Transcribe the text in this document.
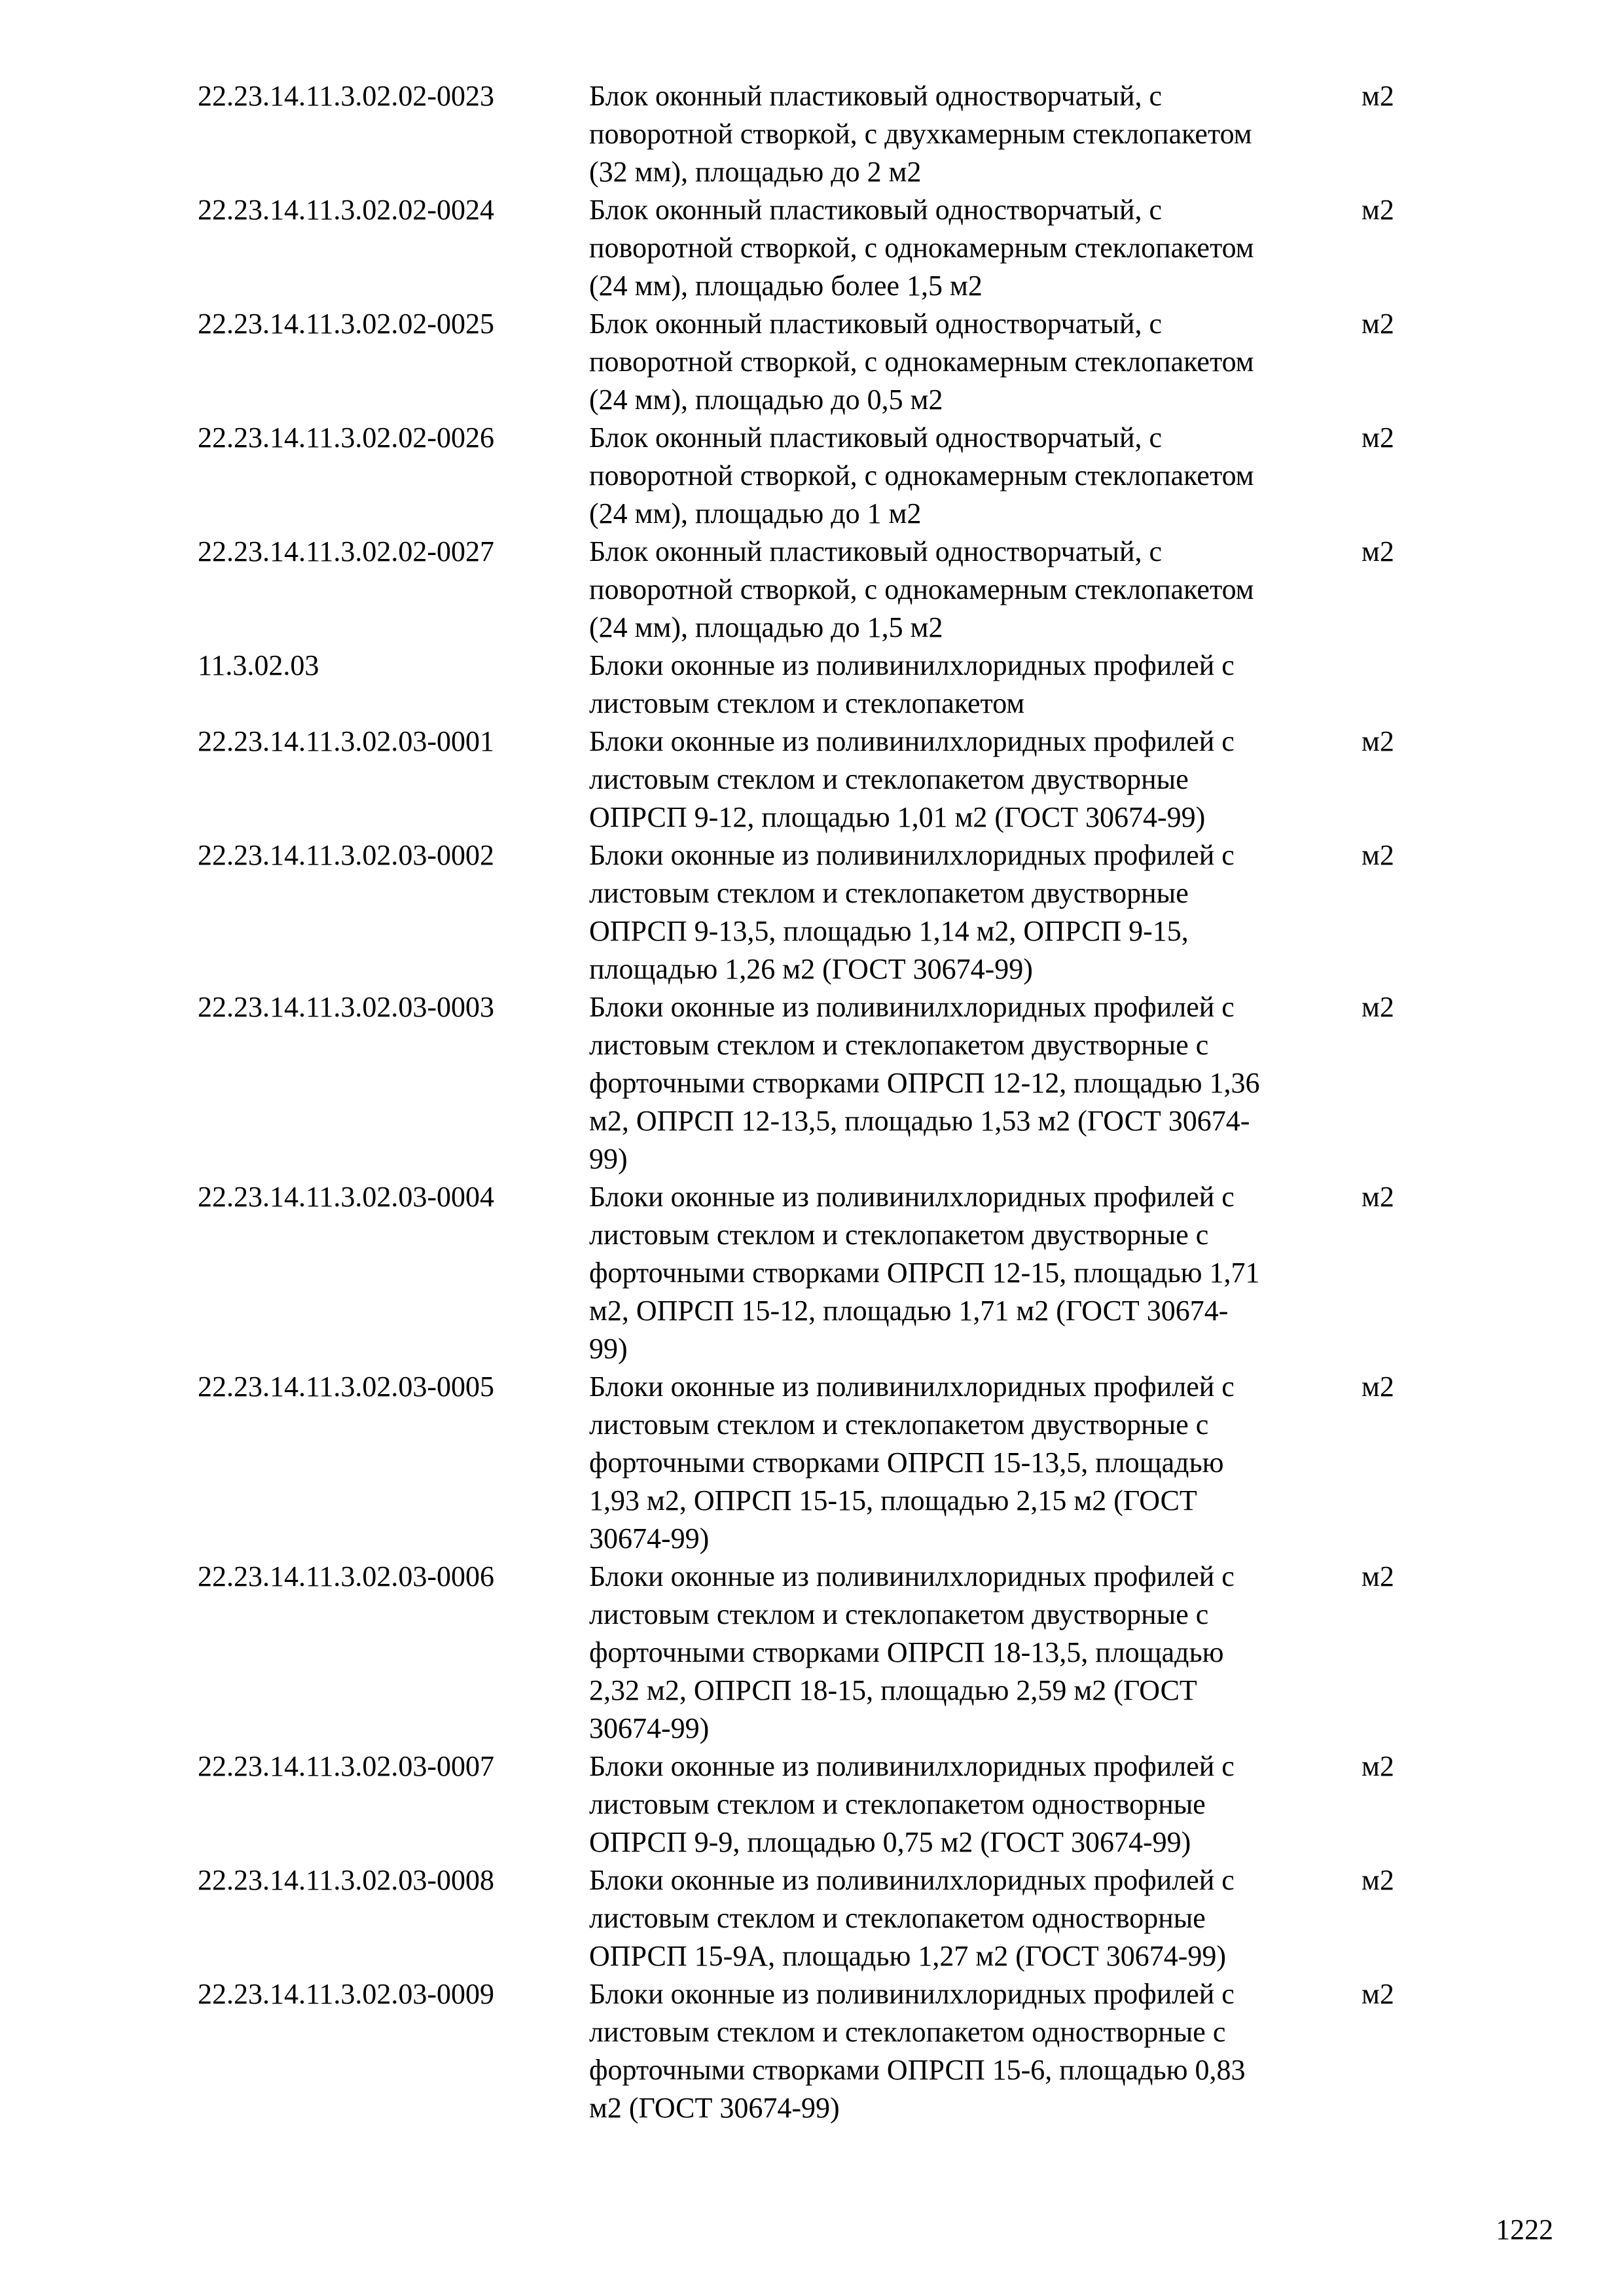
22.23.14.11.3.02.02-0023	Блок оконный пластиковый одностворчатый, с
поворотной створкой, с двухкамерным стеклопакетом
(32 мм), площадью до 2 м2
м2
22.23.14.11.3.02.02-0024	Блок оконный пластиковый одностворчатый, с
поворотной створкой, с однокамерным стеклопакетом
(24 мм), площадью более 1,5 м2
м2
22.23.14.11.3.02.02-0025	Блок оконный пластиковый одностворчатый, с
поворотной створкой, с однокамерным стеклопакетом
(24 мм), площадью до 0,5 м2
м2
22.23.14.11.3.02.02-0026	Блок оконный пластиковый одностворчатый, с
поворотной створкой, с однокамерным стеклопакетом
(24 мм), площадью до 1 м2
м2
22.23.14.11.3.02.02-0027	Блок оконный пластиковый одностворчатый, с
поворотной створкой, с однокамерным стеклопакетом
(24 мм), площадью до 1,5 м2
м2
11.3.02.03	Блоки оконные из поливинилхлоридных профилей с
листовым стеклом и стеклопакетом
22.23.14.11.3.02.03-0001	Блоки оконные из поливинилхлоридных профилей с
листовым стеклом и стеклопакетом двустворные
ОПРСП 9-12, площадью 1,01 м2 (ГОСТ 30674-99)
м2
22.23.14.11.3.02.03-0002	Блоки оконные из поливинилхлоридных профилей с
листовым стеклом и стеклопакетом двустворные
ОПРСП 9-13,5, площадью 1,14 м2, ОПРСП 9-15,
площадью 1,26 м2 (ГОСТ 30674-99)
м2
22.23.14.11.3.02.03-0003	Блоки оконные из поливинилхлоридных профилей с
листовым стеклом и стеклопакетом двустворные с
форточными створками ОПРСП 12-12, площадью 1,36
м2, ОПРСП 12-13,5, площадью 1,53 м2 (ГОСТ 30674-
99)
м2
22.23.14.11.3.02.03-0004	Блоки оконные из поливинилхлоридных профилей с
листовым стеклом и стеклопакетом двустворные с
форточными створками ОПРСП 12-15, площадью 1,71
м2, ОПРСП 15-12, площадью 1,71 м2 (ГОСТ 30674-
99)
м2
22.23.14.11.3.02.03-0005	Блоки оконные из поливинилхлоридных профилей с
листовым стеклом и стеклопакетом двустворные с
форточными створками ОПРСП 15-13,5, площадью
1,93 м2, ОПРСП 15-15, площадью 2,15 м2 (ГОСТ
30674-99)
м2
22.23.14.11.3.02.03-0006	Блоки оконные из поливинилхлоридных профилей с
листовым стеклом и стеклопакетом двустворные с
форточными створками ОПРСП 18-13,5, площадью
2,32 м2, ОПРСП 18-15, площадью 2,59 м2 (ГОСТ
30674-99)
м2
22.23.14.11.3.02.03-0007	Блоки оконные из поливинилхлоридных профилей с
листовым стеклом и стеклопакетом одностворные
ОПРСП 9-9, площадью 0,75 м2 (ГОСТ 30674-99)
м2
22.23.14.11.3.02.03-0008	Блоки оконные из поливинилхлоридных профилей с
листовым стеклом и стеклопакетом одностворные
ОПРСП 15-9А, площадью 1,27 м2 (ГОСТ 30674-99)
м2
22.23.14.11.3.02.03-0009	Блоки оконные из поливинилхлоридных профилей с
листовым стеклом и стеклопакетом одностворные с
форточными створками ОПРСП 15-6, площадью 0,83
м2 (ГОСТ 30674-99)
м2
1222
